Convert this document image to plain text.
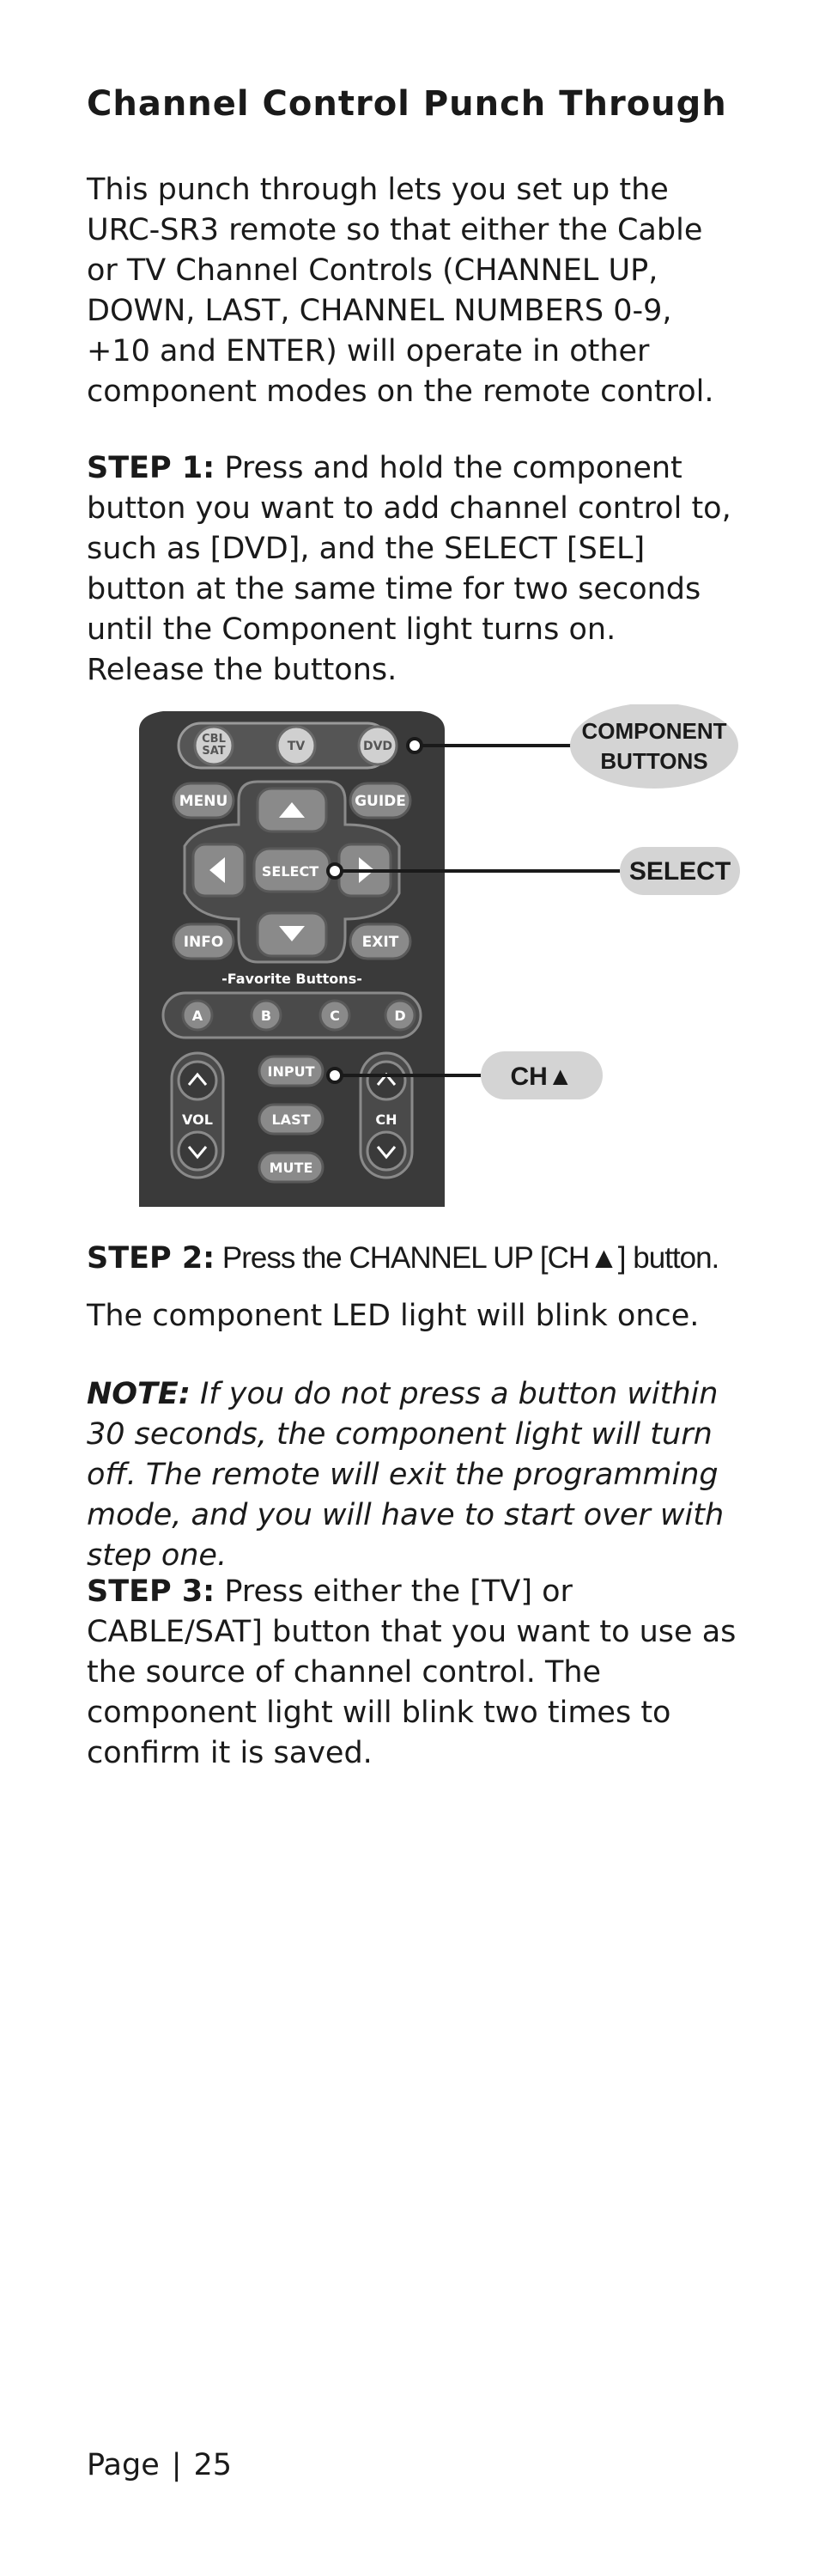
Channel Control Punch Through

This punch through lets you set up the URC-SR3 remote so that either the Cable or TV Channel Controls (CHANNEL UP, DOWN, LAST, CHANNEL NUMBERS 0-9, +10 and ENTER) will operate in other component modes on the remote control.

STEP 1: Press and hold the component button you want to add channel control to, such as [DVD], and the SELECT [SEL] button at the same time for two seconds until the Component light turns on.
Release the buttons.

CBL
SAT	TV	DVD
MENU	GUIDE
SELECT
INFO	EXIT
-Favorite Buttons-
A	B	C	D
VOL	CH
INPUT
LAST
MUTE
COMPONENT
BUTTONS
SELECT
CH▲

STEP 2: Press the CHANNEL UP [CH▲] button.

The component LED light will blink once.

NOTE: If you do not press a button within 30 seconds, the component light will turn off. The remote will exit the programming mode, and you will have to start over with step one.

STEP 3: Press either the [TV] or CABLE/SAT] button that you want to use as the source of channel control. The component light will blink two times to confirm it is saved.

Page | 25
